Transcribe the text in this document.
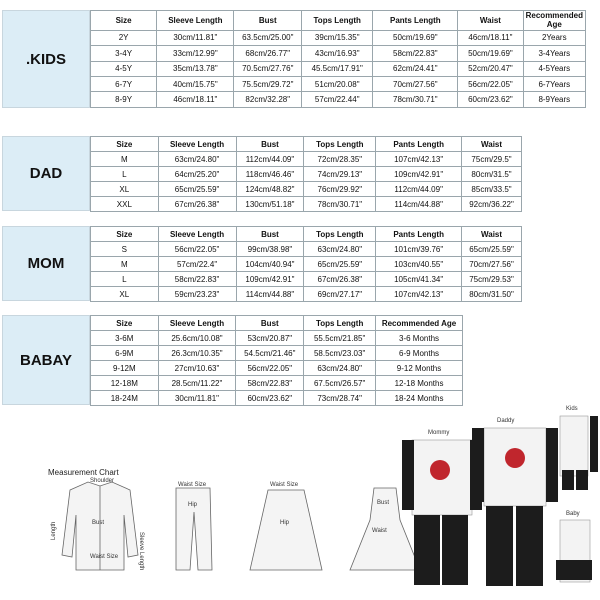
.KIDS
Size	Sleeve Length	Bust	Tops Length	Pants Length	Waist	Recommended Age
2Y	30cm/11.81"	63.5cm/25.00"	39cm/15.35"	50cm/19.69"	46cm/18.11"	2Years
3-4Y	33cm/12.99"	68cm/26.77"	43cm/16.93"	58cm/22.83"	50cm/19.69"	3-4Years
4-5Y	35cm/13.78"	70.5cm/27.76"	45.5cm/17.91"	62cm/24.41"	52cm/20.47"	4-5Years
6-7Y	40cm/15.75"	75.5cm/29.72"	51cm/20.08"	70cm/27.56"	56cm/22.05"	6-7Years
8-9Y	46cm/18.11"	82cm/32.28"	57cm/22.44"	78cm/30.71"	60cm/23.62"	8-9Years
DAD
Size	Sleeve Length	Bust	Tops Length	Pants Length	Waist
M	63cm/24.80"	112cm/44.09"	72cm/28.35"	107cm/42.13"	75cm/29.5"
L	64cm/25.20"	118cm/46.46"	74cm/29.13"	109cm/42.91"	80cm/31.5"
XL	65cm/25.59"	124cm/48.82"	76cm/29.92"	112cm/44.09"	85cm/33.5"
XXL	67cm/26.38"	130cm/51.18"	78cm/30.71"	114cm/44.88"	92cm/36.22"
MOM
Size	Sleeve Length	Bust	Tops Length	Pants Length	Waist
S	56cm/22.05"	99cm/38.98"	63cm/24.80"	101cm/39.76"	65cm/25.59"
M	57cm/22.4"	104cm/40.94"	65cm/25.59"	103cm/40.55"	70cm/27.56"
L	58cm/22.83"	109cm/42.91"	67cm/26.38"	105cm/41.34"	75cm/29.53"
XL	59cm/23.23"	114cm/44.88"	69cm/27.17"	107cm/42.13"	80cm/31.50"
BABAY
Size	Sleeve Length	Bust	Tops Length	Recommended Age
3-6M	25.6cm/10.08"	53cm/20.87"	55.5cm/21.85"	3-6 Months
6-9M	26.3cm/10.35"	54.5cm/21.46"	58.5cm/23.03"	6-9 Months
9-12M	27cm/10.63"	56cm/22.05"	63cm/24.80"	9-12 Months
12-18M	28.5cm/11.22"	58cm/22.83"	67.5cm/26.57"	12-18 Months
18-24M	30cm/11.81"	60cm/23.62"	73cm/28.74"	18-24 Months
Measurement Chart
Shoulder
Bust
Waist Size	Sleeve Length
Length
Waist Size
Hip
Waist Size
Hip
Bust
Waist
Mommy
Daddy
Kids
Baby
